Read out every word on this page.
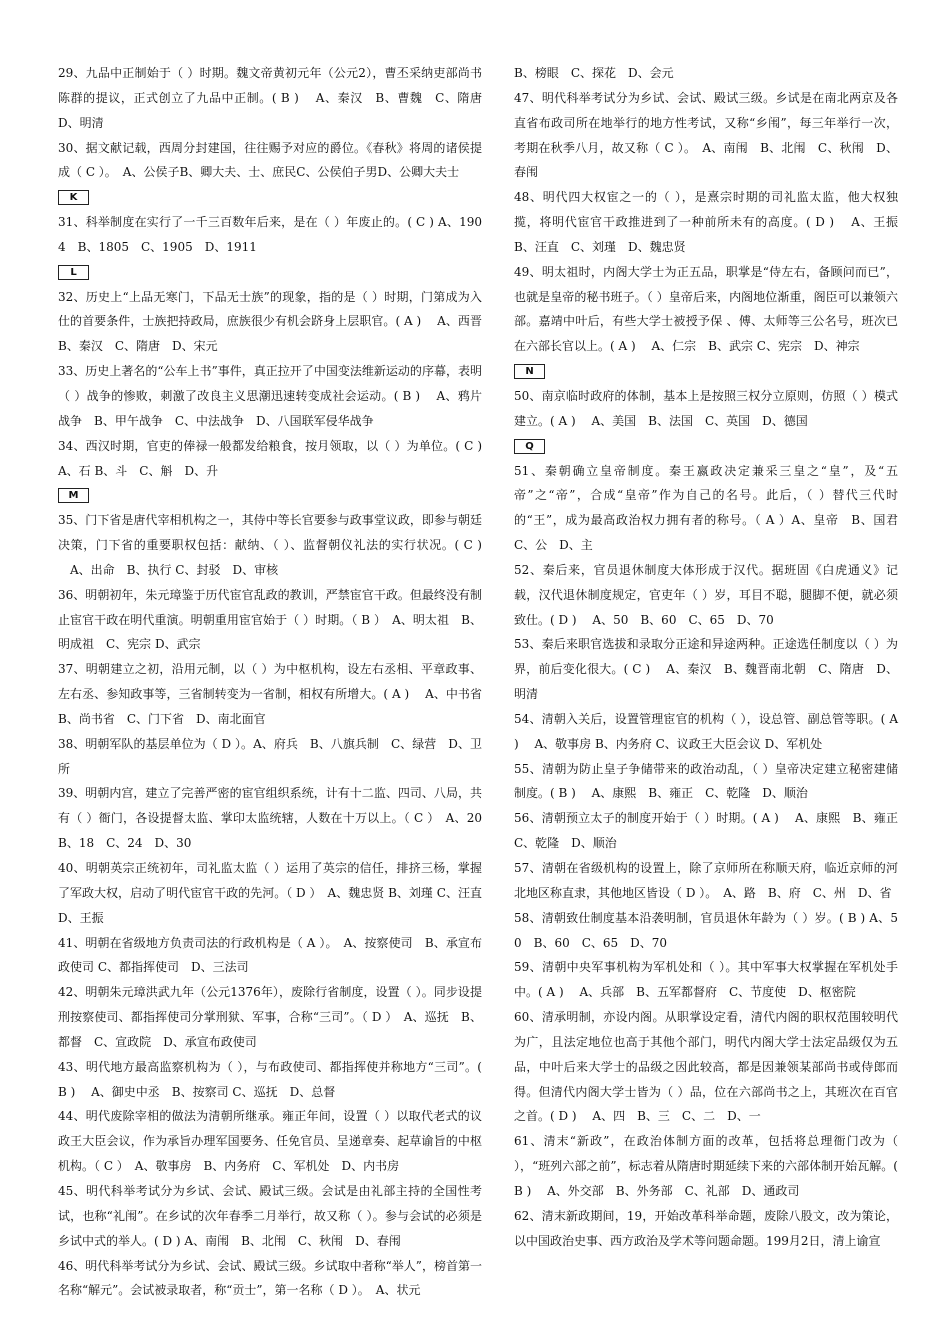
29、九品中正制始于（ ）时期。魏文帝黄初元年（公元2），曹丕采纳吏部尚书陈群的提议，正式创立了九品中正制。( B ) 　A、秦汉　B、曹魏　C、隋唐　D、明清

30、据文献记载，西周分封建国，往往赐予对应的爵位。《春秋》将周的诸侯提成（ C ）。　A、公侯子B、卿大夫、士、庶民C、公侯伯子男D、公卿大夫士

K

31、科举制度在实行了一千三百数年后来，是在（ ）年废止的。( C ) A、1904　B、1805　C、1905　D、1911

L

32、历史上“上品无寒门，下品无士族”的现象，指的是（ ）时期，门第成为入仕的首要条件，士族把持政局，庶族很少有机会跻身上层职官。( A ) 　A、西晋　B、秦汉　C、隋唐　D、宋元

33、历史上著名的“公车上书”事件，真正拉开了中国变法维新运动的序幕，表明（ ）战争的惨败，刺激了改良主义思潮迅速转变成社会运动。( B ) 　A、鸦片战争　B、甲午战争　C、中法战争　D、八国联军侵华战争

34、西汉时期，官吏的俸禄一般都发给粮食，按月领取，以（ ）为单位。( C ) A、石 B、斗　C、斛　D、升

M

35、门下省是唐代宰相机构之一，其侍中等长官要参与政事堂议政，即参与朝廷决策，门下省的重要职权包括：献纳、（ ）、监督朝仪礼法的实行状况。( C ) 　A、出命　B、执行 C、封驳　D、审核

36、明朝初年，朱元璋鉴于历代宦官乱政的教训，严禁宦官干政。但最终没有制止宦官干政在明代重演。明朝重用宦官始于（ ）时期。（ B ）　A、明太祖　B、明成祖　C、宪宗 D、武宗

37、明朝建立之初，沿用元制，以（ ）为中枢机构，设左右丞相、平章政事、左右丞、参知政事等，三省制转变为一省制，相权有所增大。( A ) 　A、中书省　B、尚书省　C、门下省　D、南北面官

38、明朝军队的基层单位为（ D ）。A、府兵　B、八旗兵制　C、绿营　D、卫所

39、明朝内宫，建立了完善严密的宦官组织系统，计有十二监、四司、八局，共有（ ）衙门，各设提督太监、掌印太监统辖，人数在十万以上。（ C ）　A、20　B、18　C、24　D、30

40、明朝英宗正统初年，司礼监太监（ ）运用了英宗的信任，排挤三杨，掌握了军政大权，启动了明代宦官干政的先河。（ D ）　A、魏忠贤 B、刘瑾 C、汪直　D、王振

41、明朝在省级地方负责司法的行政机构是（ A ）。　A、按察使司　B、承宣布政使司 C、都指挥使司　D、三法司

42、明朝朱元璋洪武九年（公元1376年），废除行省制度，设置（ ）。同步设提刑按察使司、都指挥使司分掌刑狱、军事，合称“三司”。（ D ）　A、巡抚　B、都督　C、宣政院　D、承宣布政使司

43、明代地方最高监察机构为（ ），与布政使司、都指挥使并称地方“三司”。( B ) 　A、御史中丞　B、按察司 C、巡抚　D、总督

44、明代废除宰相的做法为清朝所继承。雍正年间，设置（ ）以取代老式的议政王大臣会议，作为承旨办理军国要务、任免官员、呈递章奏、起草谕旨的中枢机构。（ C ）　A、敬事房　B、内务府　C、军机处　D、内书房

45、明代科举考试分为乡试、会试、殿试三级。会试是由礼部主持的全国性考试，也称“礼闱”。在乡试的次年春季二月举行，故又称（ ）。参与会试的必须是乡试中式的举人。( D ) A、南闱　B、北闱　C、秋闱　D、春闱

46、明代科举考试分为乡试、会试、殿试三级。乡试取中者称“举人”，榜首第一名称“解元”。会试被录取者，称“贡士”，第一名称（ D ）。　A、状元

B、榜眼　C、探花　D、会元

47、明代科举考试分为乡试、会试、殿试三级。乡试是在南北两京及各直省布政司所在地举行的地方性考试，又称“乡闱”，每三年举行一次，考期在秋季八月，故又称（ C ）。　A、南闱　B、北闱　C、秋闱　D、春闱

48、明代四大权宦之一的（ ），是熹宗时期的司礼监太监，他大权独揽，将明代宦官干政推进到了一种前所未有的高度。( D ) 　A、王振　B、汪直　C、刘瑾　D、魏忠贤

49、明太祖时，内阁大学士为正五品，职掌是“侍左右，备顾问而已”，也就是皇帝的秘书班子。（ ）皇帝后来，内阁地位渐重，阁臣可以兼领六部。嘉靖中叶后，有些大学士被授予保 、傅、太师等三公名号，班次已在六部长官以上。( A ) 　A、仁宗　B、武宗 C、宪宗　D、神宗

N

50、南京临时政府的体制，基本上是按照三权分立原则，仿照（ ）模式建立。( A ) 　A、美国　B、法国　C、英国　D、德国

Q

51、秦朝确立皇帝制度。秦王嬴政决定兼采三皇之“皇”，及“五帝”之“帝”，合成“皇帝”作为自己的名号。此后，（ ）替代三代时的“王”，成为最高政治权力拥有者的称号。（ A ）A、皇帝　B、国君　C、公　D、主

52、秦后来，官员退休制度大体形成于汉代。据班固《白虎通义》记载，汉代退休制度规定，官吏年（ ）岁，耳目不聪，腿脚不便，就必须致仕。( D ) 　A、50　B、60　C、65　D、70

53、秦后来职官选拔和录取分正途和异途两种。正途选任制度以（ ）为界，前后变化很大。( C ) 　A、秦汉　B、魏晋南北朝　C、隋唐　D、明清

54、清朝入关后，设置管理宦官的机构（ ），设总管、副总管等职。( A ) 　A、敬事房 B、内务府 C、议政王大臣会议 D、军机处

55、清朝为防止皇子争储带来的政治动乱，（ ）皇帝决定建立秘密建储制度。( B ) 　A、康熙　B、雍正　C、乾隆　D、顺治

56、清朝预立太子的制度开始于（ ）时期。( A ) 　A、康熙　B、雍正　C、乾隆　D、顺治

57、清朝在省级机构的设置上，除了京师所在称顺天府，临近京师的河北地区称直隶，其他地区皆设（ D ）。　A、路　B、府　C、州　D、省

58、清朝致仕制度基本沿袭明制，官员退休年龄为（ ）岁。( B ) A、50　B、60　C、65　D、70

59、清朝中央军事机构为军机处和（ ）。其中军事大权掌握在军机处手中。( A ) 　A、兵部　B、五军都督府　C、节度使　D、枢密院

60、清承明制，亦设内阁。从职掌设定看，清代内阁的职权范围较明代为广，且法定地位也高于其他个部门，明代内阁大学士法定品级仅为五品，中叶后来大学士的品级之因此较高，都是因兼领某部尚书或侍郎而得。但清代内阁大学士皆为（ ）品，位在六部尚书之上，其班次在百官之首。( D ) 　A、四　B、三　C、二　D、一

61、清末“新政”，在政治体制方面的改革，包括将总理衙门改为（ ），“班列六部之前”，标志着从隋唐时期延续下来的六部体制开始瓦解。( B ) 　A、外交部　B、外务部　C、礼部　D、通政司

62、清末新政期间，19，开始改革科举命题，废除八股文，改为策论，以中国政治史事、西方政治及学术等问题命题。199月2日，清上谕宣
